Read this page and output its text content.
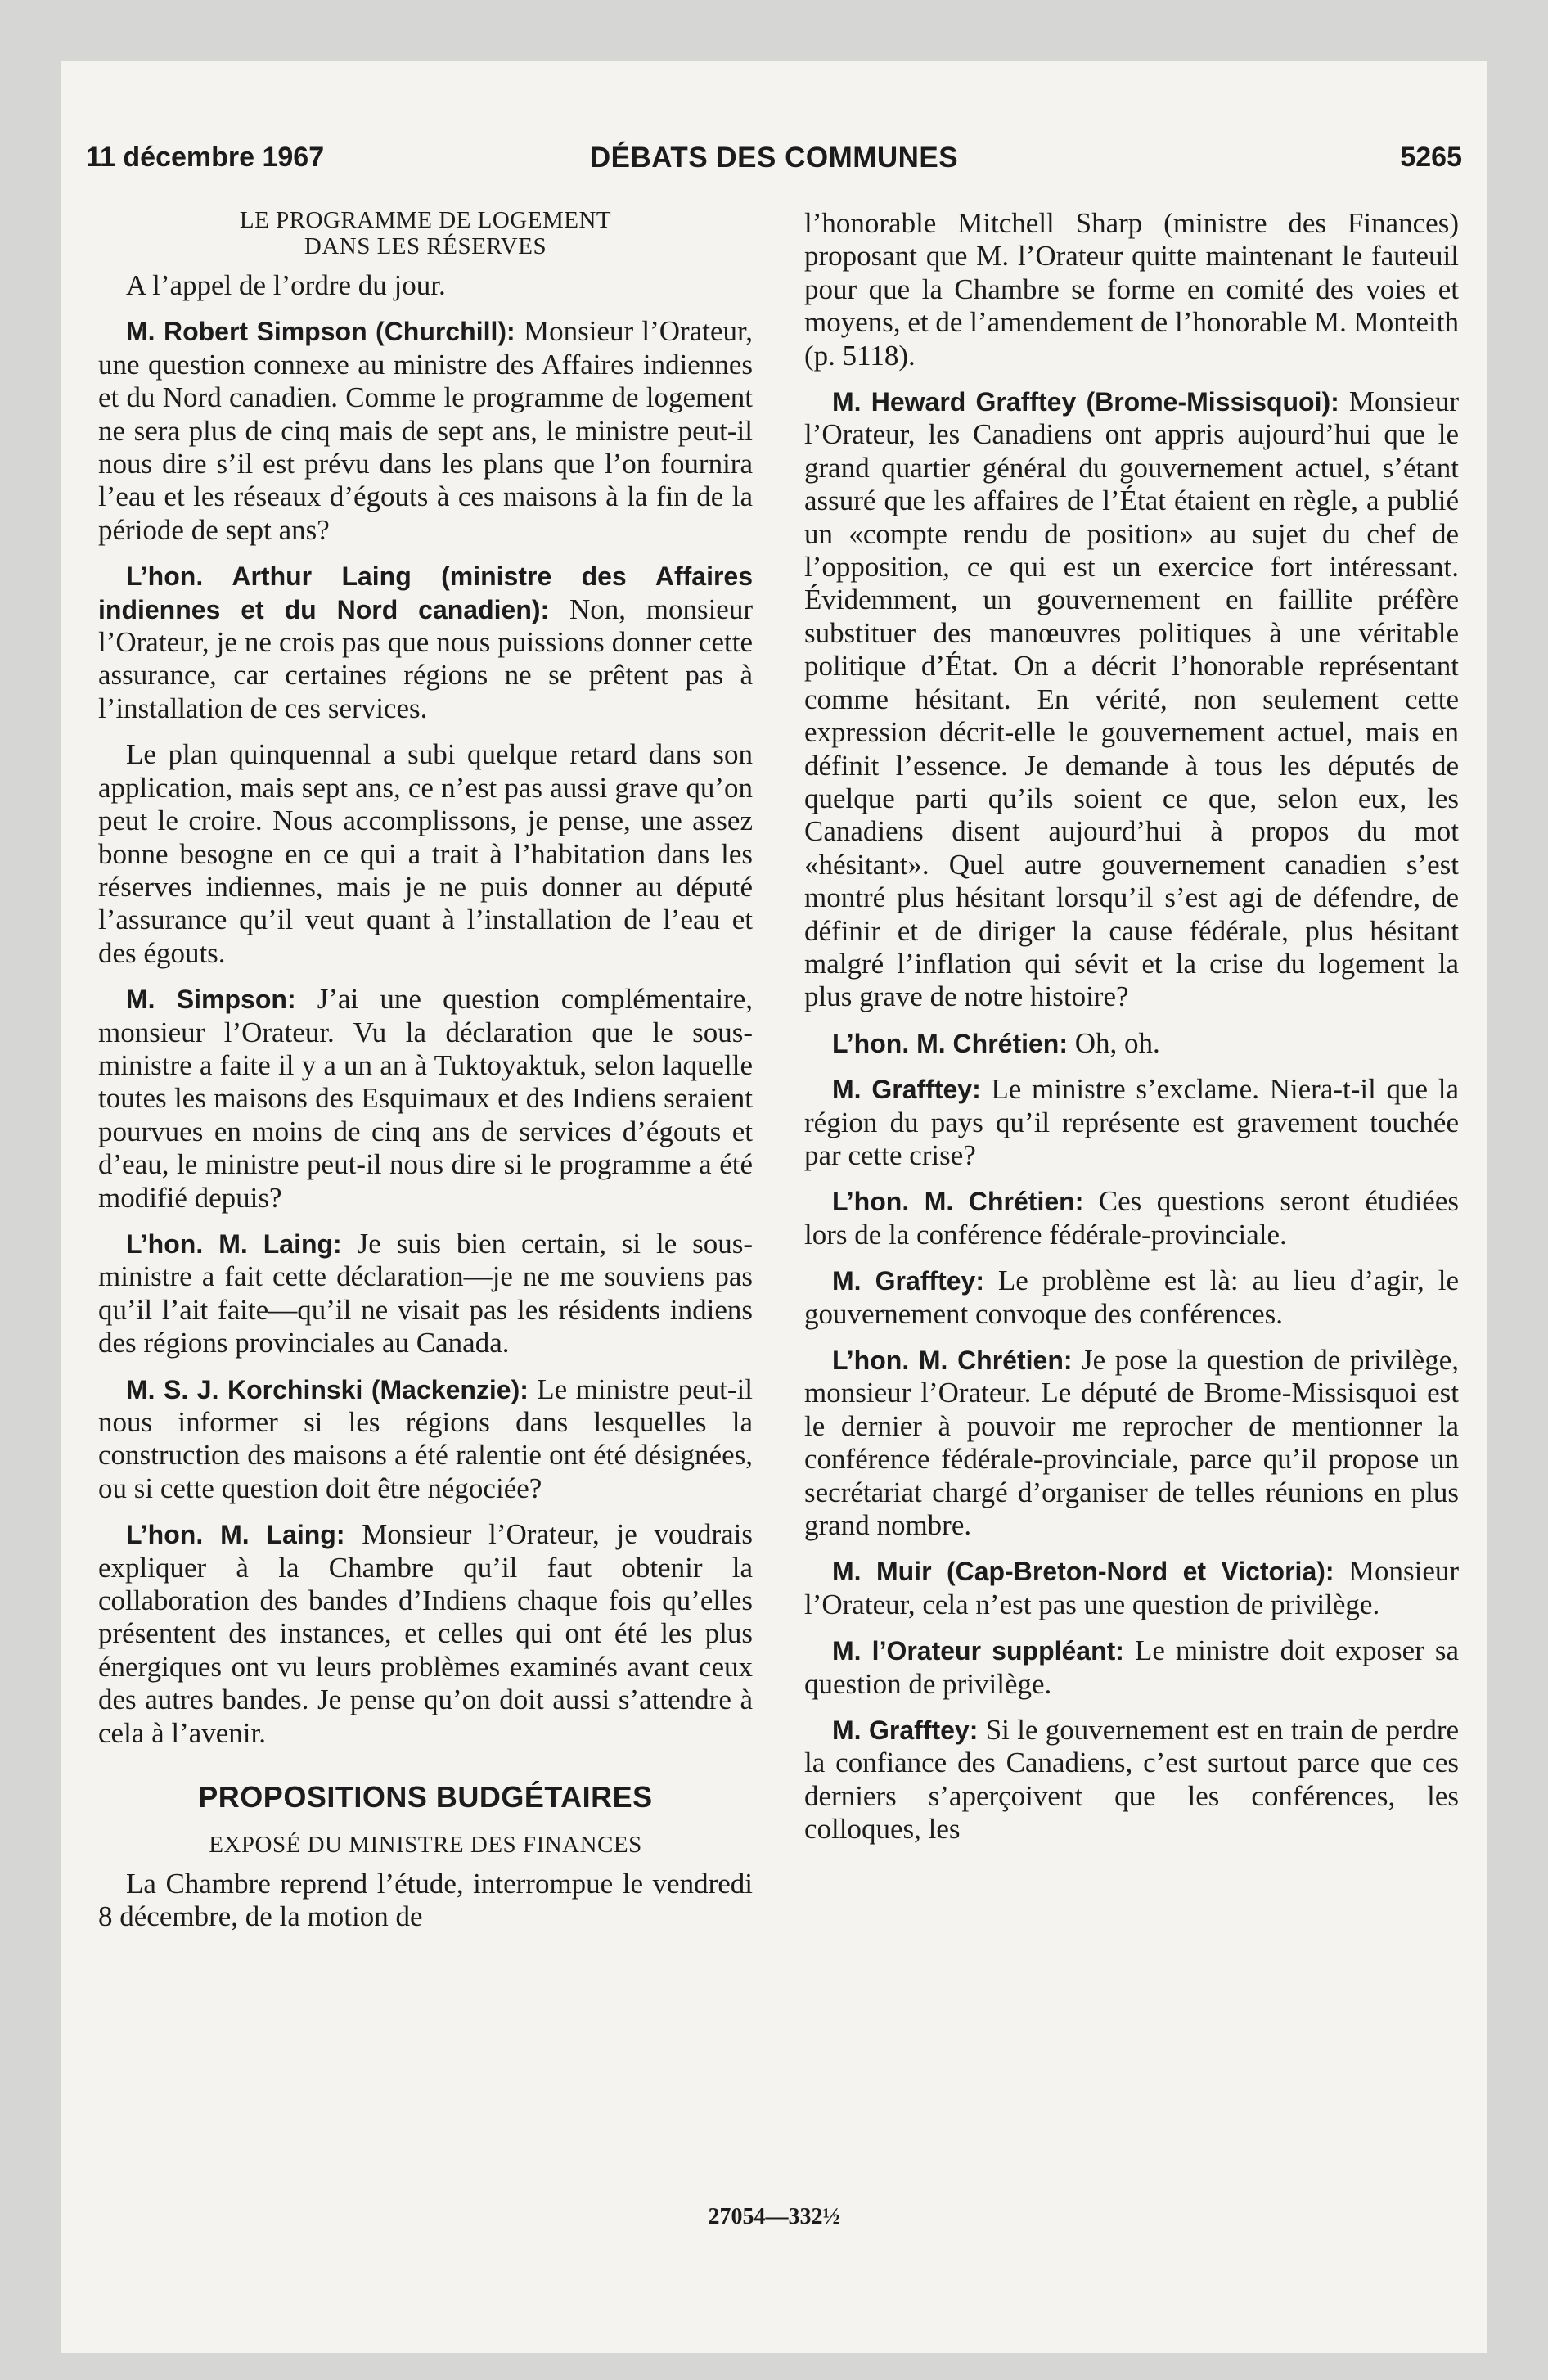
11 décembre 1967	DÉBATS DES COMMUNES	5265
LE PROGRAMME DE LOGEMENT DANS LES RÉSERVES

A l’appel de l’ordre du jour.

M. Robert Simpson (Churchill): Monsieur l’Orateur, une question connexe au ministre des Affaires indiennes et du Nord canadien. Comme le programme de logement ne sera plus de cinq mais de sept ans, le ministre peut-il nous dire s’il est prévu dans les plans que l’on fournira l’eau et les réseaux d’égouts à ces maisons à la fin de la période de sept ans?

L’hon. Arthur Laing (ministre des Affaires indiennes et du Nord canadien): Non, monsieur l’Orateur, je ne crois pas que nous puissions donner cette assurance, car certaines régions ne se prêtent pas à l’installation de ces services.

Le plan quinquennal a subi quelque retard dans son application, mais sept ans, ce n’est pas aussi grave qu’on peut le croire. Nous accomplissons, je pense, une assez bonne besogne en ce qui a trait à l’habitation dans les réserves indiennes, mais je ne puis donner au député l’assurance qu’il veut quant à l’installation de l’eau et des égouts.

M. Simpson: J’ai une question complémentaire, monsieur l’Orateur. Vu la déclaration que le sous-ministre a faite il y a un an à Tuktoyaktuk, selon laquelle toutes les maisons des Esquimaux et des Indiens seraient pourvues en moins de cinq ans de services d’égouts et d’eau, le ministre peut-il nous dire si le programme a été modifié depuis?

L’hon. M. Laing: Je suis bien certain, si le sous-ministre a fait cette déclaration—je ne me souviens pas qu’il l’ait faite—qu’il ne visait pas les résidents indiens des régions provinciales au Canada.

M. S. J. Korchinski (Mackenzie): Le ministre peut-il nous informer si les régions dans lesquelles la construction des maisons a été ralentie ont été désignées, ou si cette question doit être négociée?

L’hon. M. Laing: Monsieur l’Orateur, je voudrais expliquer à la Chambre qu’il faut obtenir la collaboration des bandes d’Indiens chaque fois qu’elles présentent des instances, et celles qui ont été les plus énergiques ont vu leurs problèmes examinés avant ceux des autres bandes. Je pense qu’on doit aussi s’attendre à cela à l’avenir.

PROPOSITIONS BUDGÉTAIRES
EXPOSÉ DU MINISTRE DES FINANCES

La Chambre reprend l’étude, interrompue le vendredi 8 décembre, de la motion de

l’honorable Mitchell Sharp (ministre des Finances) proposant que M. l’Orateur quitte maintenant le fauteuil pour que la Chambre se forme en comité des voies et moyens, et de l’amendement de l’honorable M. Monteith (p. 5118).

M. Heward Grafftey (Brome-Missisquoi): Monsieur l’Orateur, les Canadiens ont appris aujourd’hui que le grand quartier général du gouvernement actuel, s’étant assuré que les affaires de l’État étaient en règle, a publié un «compte rendu de position» au sujet du chef de l’opposition, ce qui est un exercice fort intéressant. Évidemment, un gouvernement en faillite préfère substituer des manœuvres politiques à une véritable politique d’État. On a décrit l’honorable représentant comme hésitant. En vérité, non seulement cette expression décrit-elle le gouvernement actuel, mais en définit l’essence. Je demande à tous les députés de quelque parti qu’ils soient ce que, selon eux, les Canadiens disent aujourd’hui à propos du mot «hésitant». Quel autre gouvernement canadien s’est montré plus hésitant lorsqu’il s’est agi de défendre, de définir et de diriger la cause fédérale, plus hésitant malgré l’inflation qui sévit et la crise du logement la plus grave de notre histoire?

L’hon. M. Chrétien: Oh, oh.

M. Grafftey: Le ministre s’exclame. Niera-t-il que la région du pays qu’il représente est gravement touchée par cette crise?

L’hon. M. Chrétien: Ces questions seront étudiées lors de la conférence fédérale-provinciale.

M. Grafftey: Le problème est là: au lieu d’agir, le gouvernement convoque des conférences.

L’hon. M. Chrétien: Je pose la question de privilège, monsieur l’Orateur. Le député de Brome-Missisquoi est le dernier à pouvoir me reprocher de mentionner la conférence fédérale-provinciale, parce qu’il propose un secrétariat chargé d’organiser de telles réunions en plus grand nombre.

M. Muir (Cap-Breton-Nord et Victoria): Monsieur l’Orateur, cela n’est pas une question de privilège.

M. l’Orateur suppléant: Le ministre doit exposer sa question de privilège.

M. Grafftey: Si le gouvernement est en train de perdre la confiance des Canadiens, c’est surtout parce que ces derniers s’aperçoivent que les conférences, les colloques, les

27054—332½
